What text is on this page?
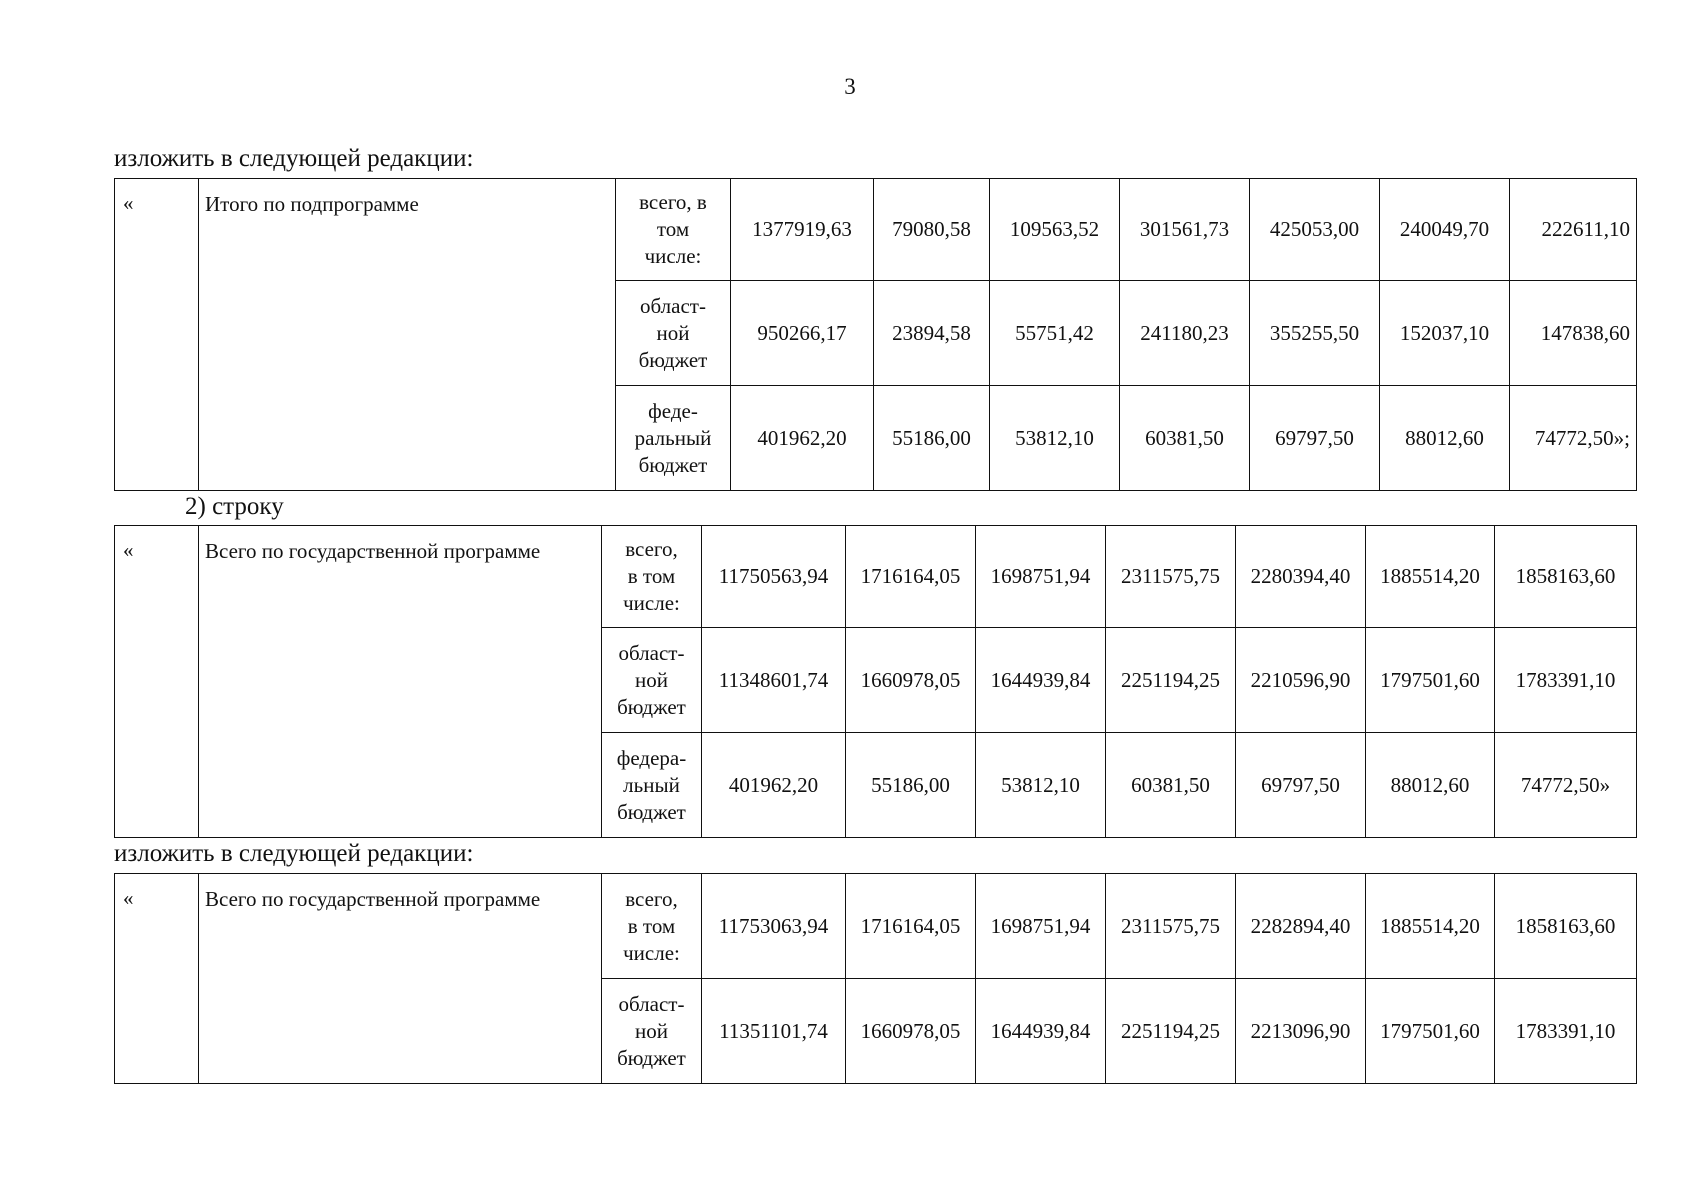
3
изложить в следующей редакции:
«	Итого по подпрограмме	всего, в
том
числе:	1377919,63	79080,58	109563,52	301561,73	425053,00	240049,70	222611,10

		област-
ной
бюджет	950266,17	23894,58	55751,42	241180,23	355255,50	152037,10	147838,60

		феде-
ральный
бюджет	401962,20	55186,00	53812,10	60381,50	69797,50	88012,60	74772,50»;
2) строку
«	Всего по государственной программе	всего,
в том
числе:	11750563,94	1716164,05	1698751,94	2311575,75	2280394,40	1885514,20	1858163,60

		област-
ной
бюджет	11348601,74	1660978,05	1644939,84	2251194,25	2210596,90	1797501,60	1783391,10

		федера-
льный
бюджет	401962,20	55186,00	53812,10	60381,50	69797,50	88012,60	74772,50»
изложить в следующей редакции:
«	Всего по государственной программе	всего,
в том
числе:	11753063,94	1716164,05	1698751,94	2311575,75	2282894,40	1885514,20	1858163,60

		област-
ной
бюджет	11351101,74	1660978,05	1644939,84	2251194,25	2213096,90	1797501,60	1783391,10
